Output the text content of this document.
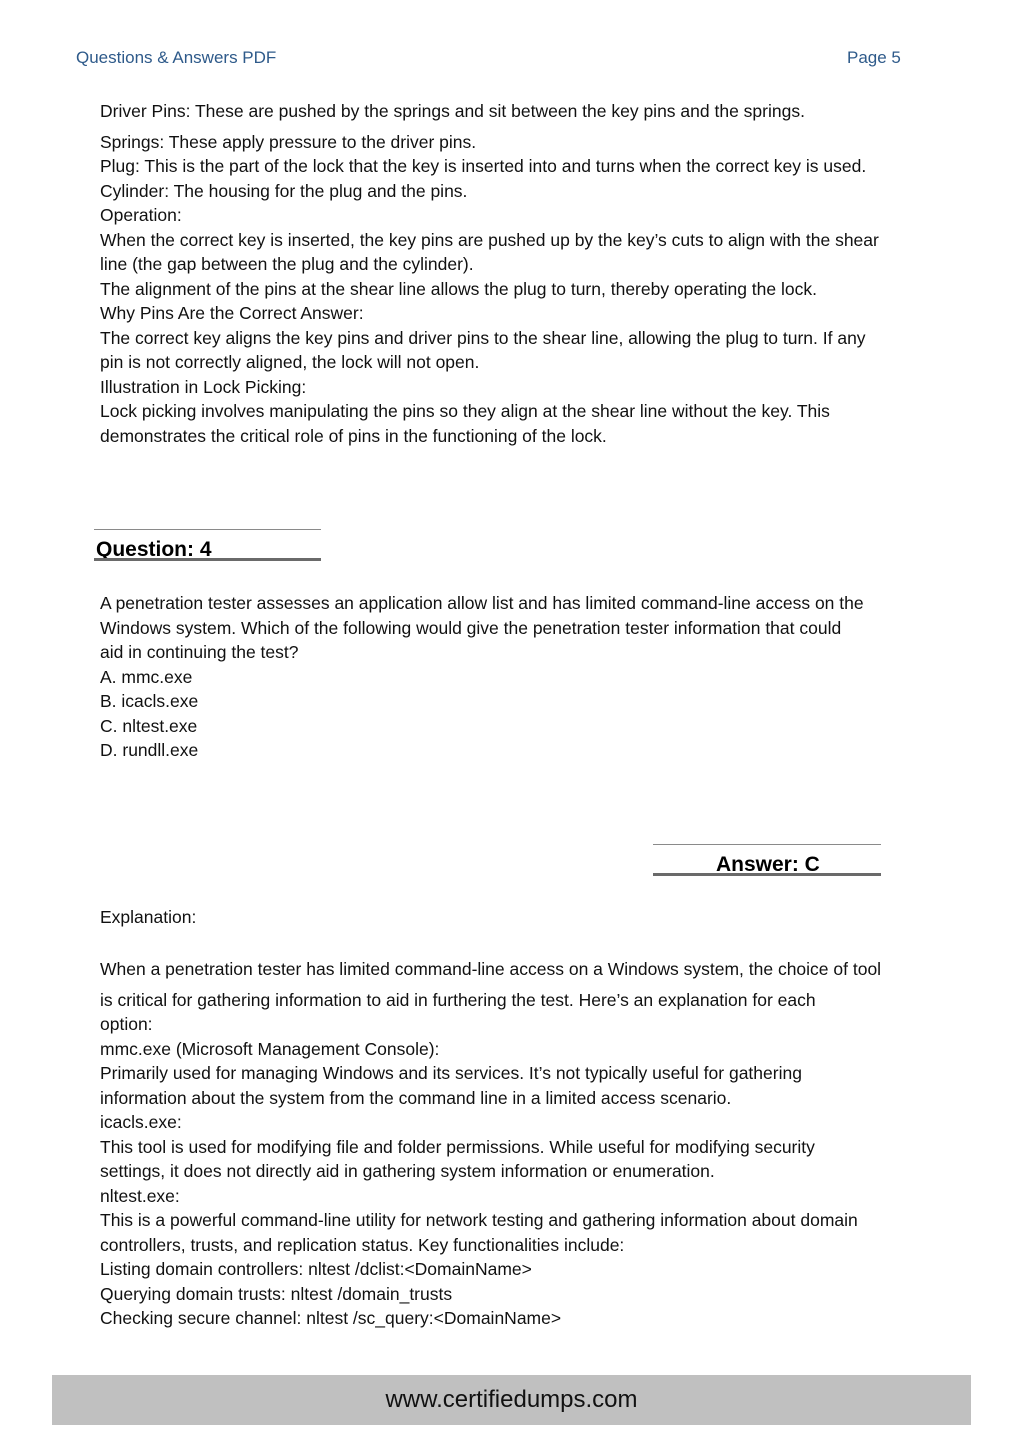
Questions & Answers PDF	Page 5
Driver Pins: These are pushed by the springs and sit between the key pins and the springs.
Springs: These apply pressure to the driver pins.
Plug: This is the part of the lock that the key is inserted into and turns when the correct key is used.
Cylinder: The housing for the plug and the pins.
Operation:
When the correct key is inserted, the key pins are pushed up by the key’s cuts to align with the shear
line (the gap between the plug and the cylinder).
The alignment of the pins at the shear line allows the plug to turn, thereby operating the lock.
Why Pins Are the Correct Answer:
The correct key aligns the key pins and driver pins to the shear line, allowing the plug to turn. If any
pin is not correctly aligned, the lock will not open.
Illustration in Lock Picking:
Lock picking involves manipulating the pins so they align at the shear line without the key. This
demonstrates the critical role of pins in the functioning of the lock.
Question: 4
A penetration tester assesses an application allow list and has limited command-line access on the
Windows system. Which of the following would give the penetration tester information that could
aid in continuing the test?
A. mmc.exe
B. icacls.exe
C. nltest.exe
D. rundll.exe
Answer: C
Explanation:
When a penetration tester has limited command-line access on a Windows system, the choice of tool
is critical for gathering information to aid in furthering the test. Here’s an explanation for each
option:
mmc.exe (Microsoft Management Console):
Primarily used for managing Windows and its services. It’s not typically useful for gathering
information about the system from the command line in a limited access scenario.
icacls.exe:
This tool is used for modifying file and folder permissions. While useful for modifying security
settings, it does not directly aid in gathering system information or enumeration.
nltest.exe:
This is a powerful command-line utility for network testing and gathering information about domain
controllers, trusts, and replication status. Key functionalities include:
Listing domain controllers: nltest /dclist:<DomainName>
Querying domain trusts: nltest /domain_trusts
Checking secure channel: nltest /sc_query:<DomainName>
www.certifiedumps.com
